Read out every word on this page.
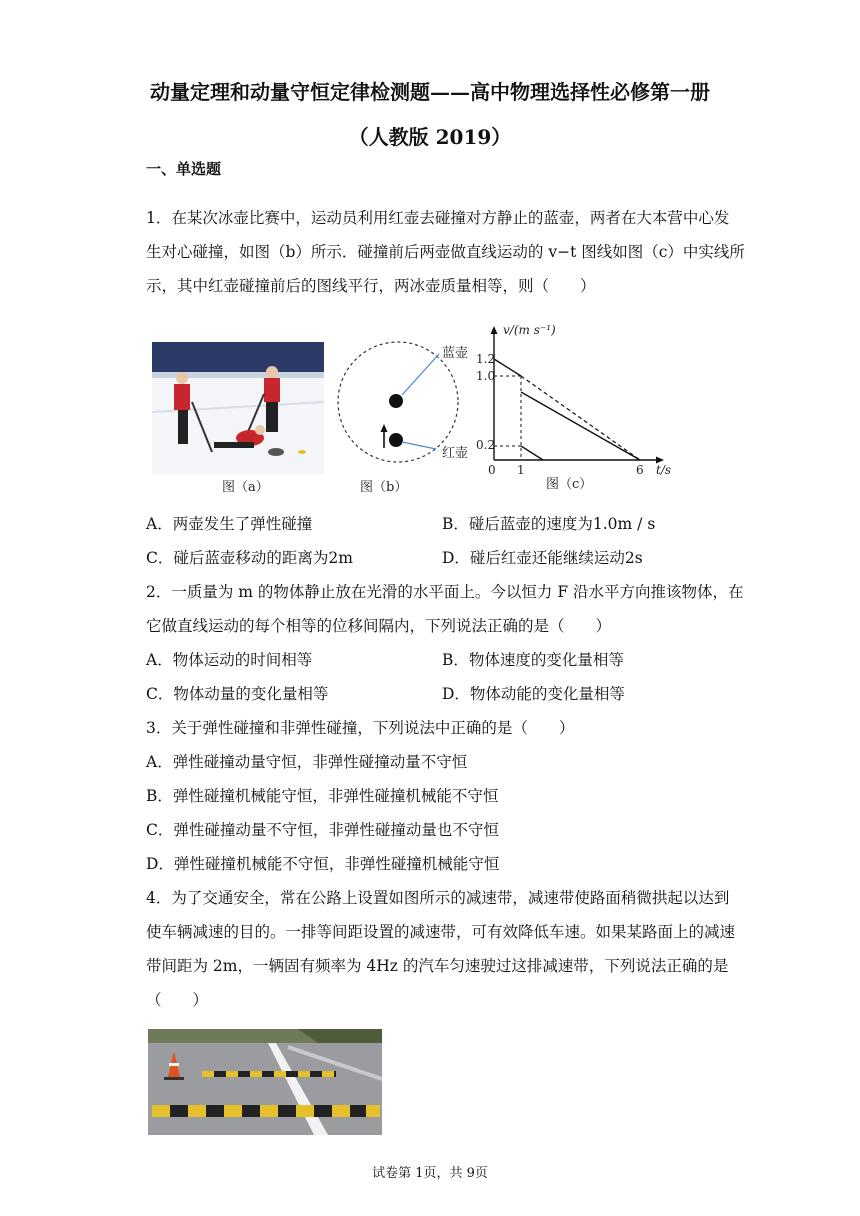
动量定理和动量守恒定律检测题——高中物理选择性必修第一册
（人教版 2019）
一、单选题
1．在某次冰壶比赛中，运动员利用红壶去碰撞对方静止的蓝壶，两者在大本营中心发
生对心碰撞，如图（b）所示．碰撞前后两壶做直线运动的 v−t 图线如图（c）中实线所
示，其中红壶碰撞前后的图线平行，两冰壶质量相等，则（　　）
蓝壶
红壶
v/(m s⁻¹)
1.2
1.0
0.2
0 1	6 t/s
图（a）	图（b）	图（c）
A．两壶发生了弹性碰撞	B．碰后蓝壶的速度为1.0m / s
C．碰后蓝壶移动的距离为2m	D．碰后红壶还能继续运动2s
2．一质量为 m 的物体静止放在光滑的水平面上。今以恒力 F 沿水平方向推该物体，在
它做直线运动的每个相等的位移间隔内，下列说法正确的是（　　）
A．物体运动的时间相等	B．物体速度的变化量相等
C．物体动量的变化量相等	D．物体动能的变化量相等
3．关于弹性碰撞和非弹性碰撞，下列说法中正确的是（　　）
A．弹性碰撞动量守恒，非弹性碰撞动量不守恒
B．弹性碰撞机械能守恒，非弹性碰撞机械能不守恒
C．弹性碰撞动量不守恒，非弹性碰撞动量也不守恒
D．弹性碰撞机械能不守恒，非弹性碰撞机械能守恒
4．为了交通安全，常在公路上设置如图所示的减速带，减速带使路面稍微拱起以达到
使车辆减速的目的。一排等间距设置的减速带，可有效降低车速。如果某路面上的减速
带间距为 2m，一辆固有频率为 4Hz 的汽车匀速驶过这排减速带，下列说法正确的是
（　　）
试卷第 1页，共 9页
